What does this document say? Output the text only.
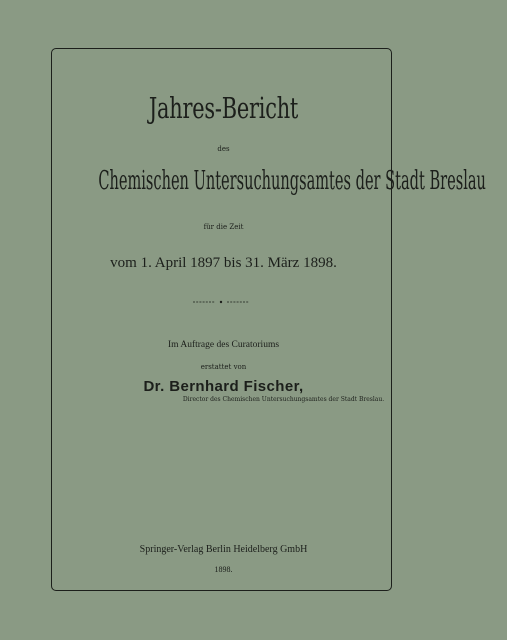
Jahres-Bericht
des
Chemischen Untersuchungsamtes der Stadt Breslau
für die Zeit
vom 1. April 1897 bis 31. März 1898.
Im Auftrage des Curatoriums
erstattet von
Dr. Bernhard Fischer,
Director des Chemischen Untersuchungsamtes der Stadt Breslau.
Springer-Verlag Berlin Heidelberg GmbH
1898.
